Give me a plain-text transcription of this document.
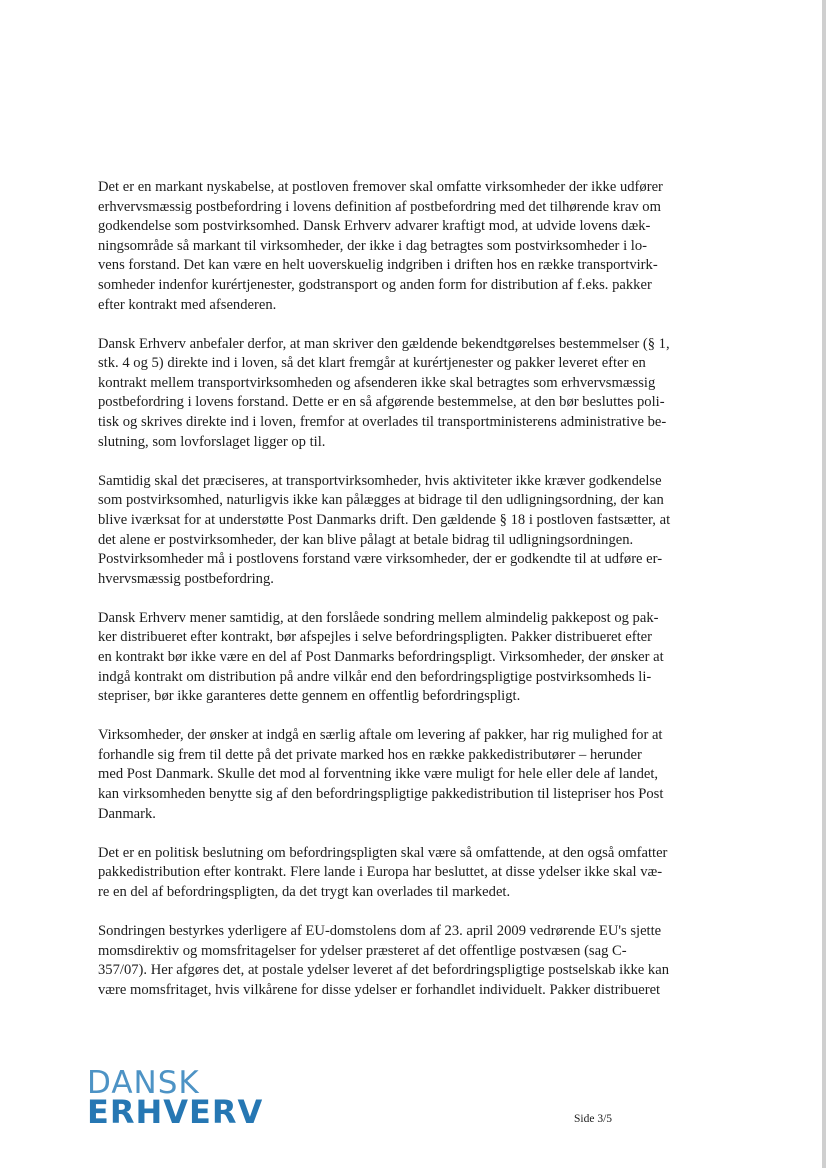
Det er en markant nyskabelse, at postloven fremover skal omfatte virksomheder der ikke udfører
erhvervsmæssig postbefordring i lovens definition af postbefordring med det tilhørende krav om
godkendelse som postvirksomhed. Dansk Erhverv advarer kraftigt mod, at udvide lovens dæk-
ningsområde så markant til virksomheder, der ikke i dag betragtes som postvirksomheder i lo-
vens forstand. Det kan være en helt uoverskuelig indgriben i driften hos en række transportvirk-
somheder indenfor kurértjenester, godstransport og anden form for distribution af f.eks. pakker
efter kontrakt med afsenderen.

Dansk Erhverv anbefaler derfor, at man skriver den gældende bekendtgørelses bestemmelser (§ 1,
stk. 4 og 5) direkte ind i loven, så det klart fremgår at kurértjenester og pakker leveret efter en
kontrakt mellem transportvirksomheden og afsenderen ikke skal betragtes som erhvervsmæssig
postbefordring i lovens forstand. Dette er en så afgørende bestemmelse, at den bør besluttes poli-
tisk og skrives direkte ind i loven, fremfor at overlades til transportministerens administrative be-
slutning, som lovforslaget ligger op til.

Samtidig skal det præciseres, at transportvirksomheder, hvis aktiviteter ikke kræver godkendelse
som postvirksomhed, naturligvis ikke kan pålægges at bidrage til den udligningsordning, der kan
blive iværksat for at understøtte Post Danmarks drift. Den gældende § 18 i postloven fastsætter, at
det alene er postvirksomheder, der kan blive pålagt at betale bidrag til udligningsordningen.
Postvirksomheder må i postlovens forstand være virksomheder, der er godkendte til at udføre er-
hvervsmæssig postbefordring.

Dansk Erhverv mener samtidig, at den forslåede sondring mellem almindelig pakkepost og pak-
ker distribueret efter kontrakt, bør afspejles i selve befordringspligten. Pakker distribueret efter
en kontrakt bør ikke være en del af Post Danmarks befordringspligt. Virksomheder, der ønsker at
indgå kontrakt om distribution på andre vilkår end den befordringspligtige postvirksomheds li-
stepriser, bør ikke garanteres dette gennem en offentlig befordringspligt.

Virksomheder, der ønsker at indgå en særlig aftale om levering af pakker, har rig mulighed for at
forhandle sig frem til dette på det private marked hos en række pakkedistributører – herunder
med Post Danmark. Skulle det mod al forventning ikke være muligt for hele eller dele af landet,
kan virksomheden benytte sig af den befordringspligtige pakkedistribution til listepriser hos Post
Danmark.

Det er en politisk beslutning om befordringspligten skal være så omfattende, at den også omfatter
pakkedistribution efter kontrakt. Flere lande i Europa har besluttet, at disse ydelser ikke skal væ-
re en del af befordringspligten, da det trygt kan overlades til markedet.

Sondringen bestyrkes yderligere af EU-domstolens dom af 23. april 2009 vedrørende EU's sjette
momsdirektiv og momsfritagelser for ydelser præsteret af det offentlige postvæsen (sag C-
357/07). Her afgøres det, at postale ydelser leveret af det befordringspligtige postselskab ikke kan
være momsfritaget, hvis vilkårene for disse ydelser er forhandlet individuelt. Pakker distribueret

DANSK
ERHVERV	Side 3/5
